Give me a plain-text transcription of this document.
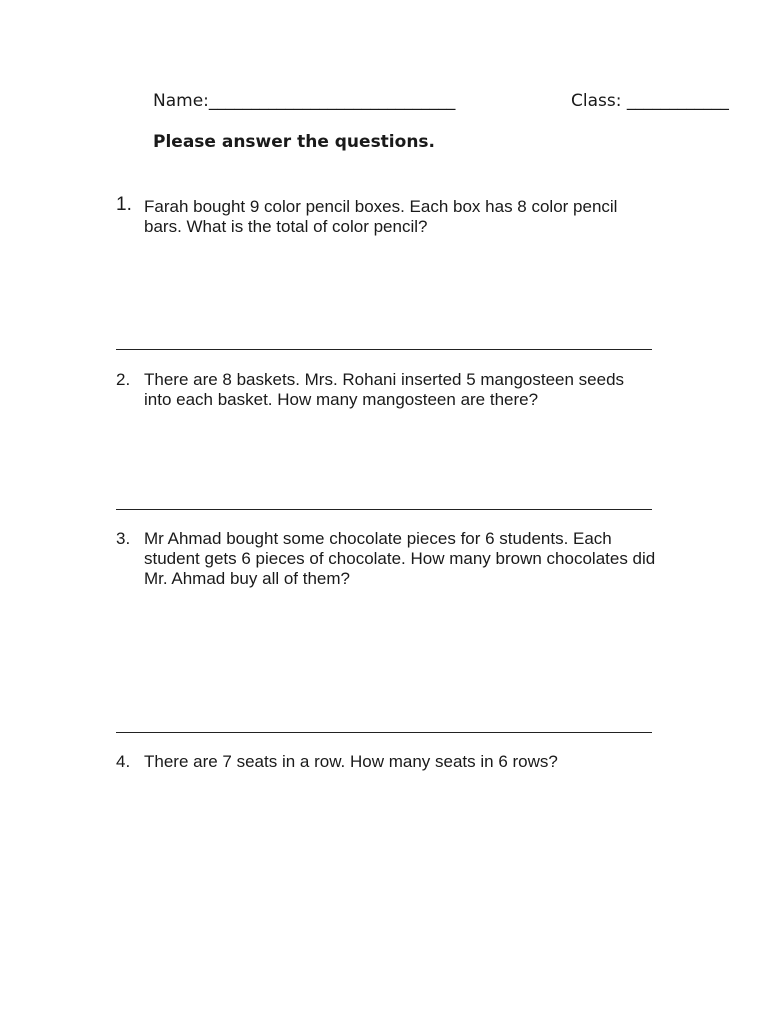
Name:_____________________________	Class: ____________
Please answer the questions.
1. Farah bought 9 color pencil boxes. Each box has 8 color pencil bars. What is the total of color pencil?
2. There are 8 baskets. Mrs. Rohani inserted 5 mangosteen seeds into each basket. How many mangosteen are there?
3. Mr Ahmad bought some chocolate pieces for 6 students. Each student gets 6 pieces of chocolate. How many brown chocolates did Mr. Ahmad buy all of them?
4. There are 7 seats in a row. How many seats in 6 rows?
